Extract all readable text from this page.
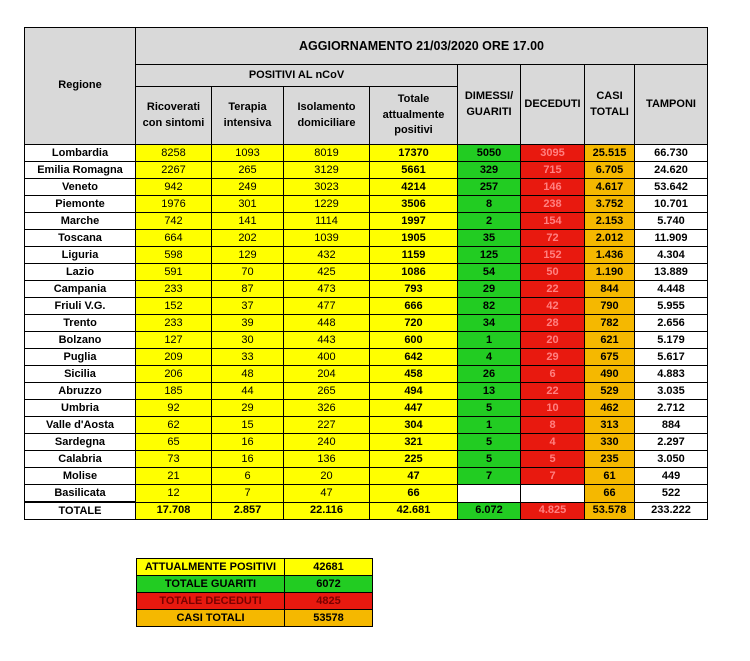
Regione	AGGIORNAMENTO 21/03/2020 ORE 17.00							
	POSITIVI AL nCoV				DIMESSI/ GUARITI	DECEDUTI	CASI TOTALI	TAMPONI
	Ricoverati con sintomi	Terapia intensiva	Isolamento domiciliare	Totale attualmente positivi				
Lombardia	8258	1093	8019	17370	5050	3095	25.515	66.730
Emilia Romagna	2267	265	3129	5661	329	715	6.705	24.620
Veneto	942	249	3023	4214	257	146	4.617	53.642
Piemonte	1976	301	1229	3506	8	238	3.752	10.701
Marche	742	141	1114	1997	2	154	2.153	5.740
Toscana	664	202	1039	1905	35	72	2.012	11.909
Liguria	598	129	432	1159	125	152	1.436	4.304
Lazio	591	70	425	1086	54	50	1.190	13.889
Campania	233	87	473	793	29	22	844	4.448
Friuli V.G.	152	37	477	666	82	42	790	5.955
Trento	233	39	448	720	34	28	782	2.656
Bolzano	127	30	443	600	1	20	621	5.179
Puglia	209	33	400	642	4	29	675	5.617
Sicilia	206	48	204	458	26	6	490	4.883
Abruzzo	185	44	265	494	13	22	529	3.035
Umbria	92	29	326	447	5	10	462	2.712
Valle d'Aosta	62	15	227	304	1	8	313	884
Sardegna	65	16	240	321	5	4	330	2.297
Calabria	73	16	136	225	5	5	235	3.050
Molise	21	6	20	47	7	7	61	449
Basilicata	12	7	47	66			66	522
TOTALE	17.708	2.857	22.116	42.681	6.072	4.825	53.578	233.222
ATTUALMENTE POSITIVI	42681
TOTALE GUARITI	6072
TOTALE DECEDUTI	4825
CASI TOTALI	53578
